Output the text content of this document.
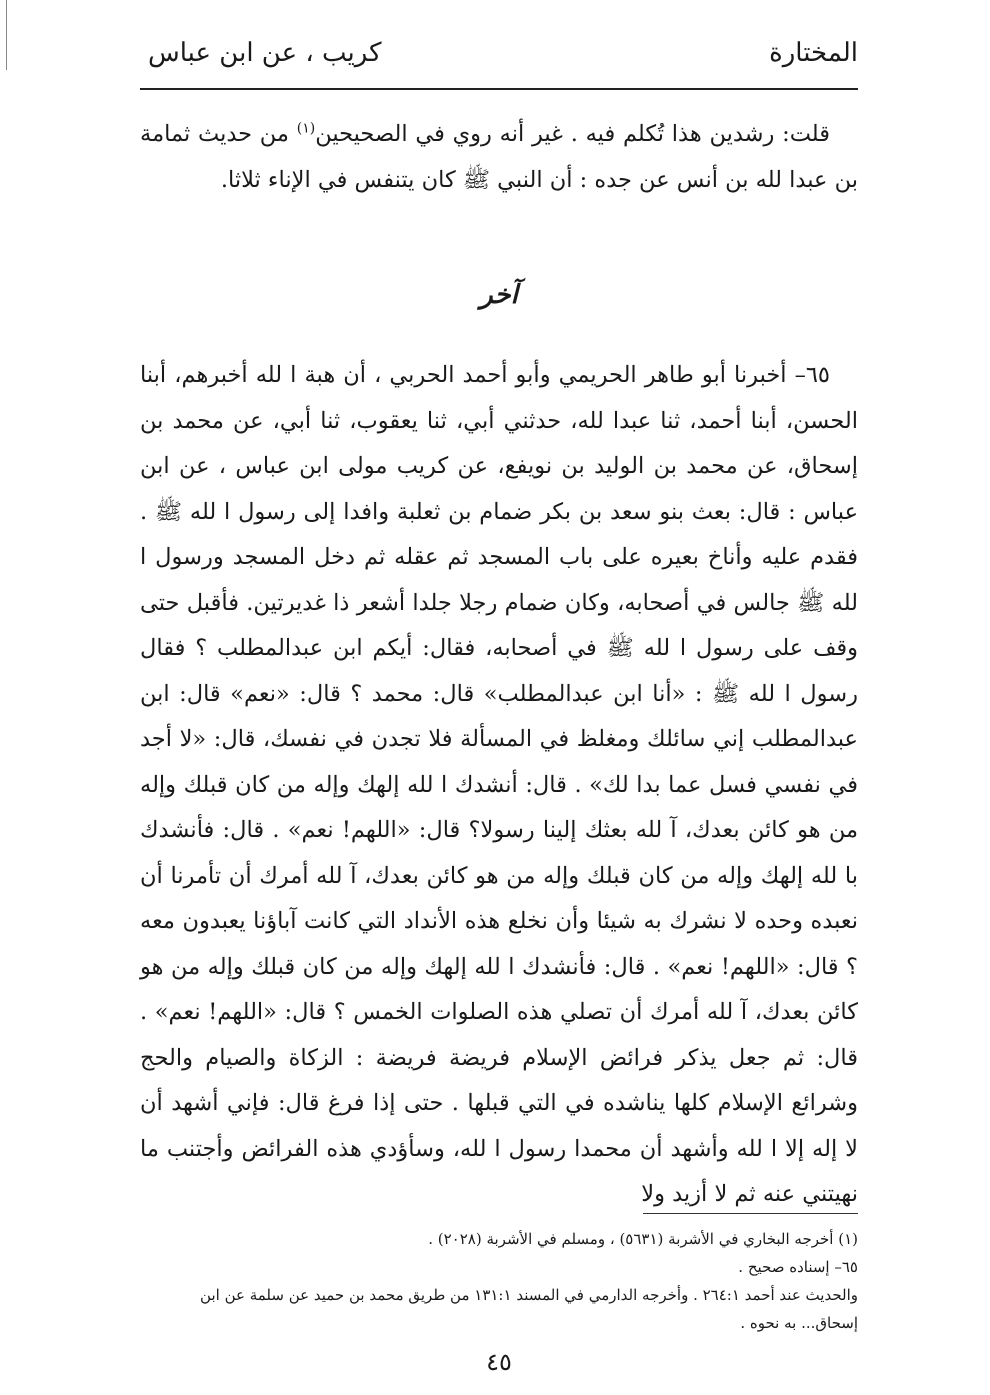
المختارة
كريب ، عن ابن عباس

قلت: رشدين هذا تُكلم فيه . غير أنه روي في الصحيحين$^{(١)}$ من حديث ثمامة بن عبدا لله بن أنس عن جده : أن النبي ﷺ كان يتنفس في الإناء ثلاثا.

آخر

٦٥– أخبرنا أبو طاهر الحريمي وأبو أحمد الحربي ، أن هبة ا لله أخبرهم، أبنا الحسن، أبنا أحمد، ثنا عبدا لله، حدثني أبي، ثنا يعقوب، ثنا أبي، عن محمد بن إسحاق، عن محمد بن الوليد بن نويفع، عن كريب مولى ابن عباس ، عن ابن عباس : قال: بعث بنو سعد بن بكر ضمام بن ثعلبة وافدا إلى رسول ا لله ﷺ . فقدم عليه وأناخ بعيره على باب المسجد ثم عقله ثم دخل المسجد ورسول ا لله ﷺ جالس في أصحابه، وكان ضمام رجلا جلدا أشعر ذا غديرتين. فأقبل حتى وقف على رسول ا لله ﷺ في أصحابه، فقال: أيكم ابن عبدالمطلب ؟ فقال رسول ا لله ﷺ : «أنا ابن عبدالمطلب» قال: محمد ؟ قال: «نعم» قال: ابن عبدالمطلب إني سائلك ومغلظ في المسألة فلا تجدن في نفسك، قال: «لا أجد في نفسي فسل عما بدا لك» . قال: أنشدك ا لله إلهك وإله من كان قبلك وإله من هو كائن بعدك، آ لله بعثك إلينا رسولا؟ قال: «اللهم! نعم» . قال: فأنشدك با لله إلهك وإله من كان قبلك وإله من هو كائن بعدك، آ لله أمرك أن تأمرنا أن نعبده وحده لا نشرك به شيئا وأن نخلع هذه الأنداد التي كانت آباؤنا يعبدون معه ؟ قال: «اللهم! نعم» . قال: فأنشدك ا لله إلهك وإله من كان قبلك وإله من هو كائن بعدك، آ لله أمرك أن تصلي هذه الصلوات الخمس ؟ قال: «اللهم! نعم» . قال: ثم جعل يذكر فرائض الإسلام فريضة فريضة : الزكاة والصيام والحج وشرائع الإسلام كلها يناشده في التي قبلها . حتى إذا فرغ قال: فإني أشهد أن لا إله إلا ا لله وأشهد أن محمدا رسول ا لله، وسأؤدي هذه الفرائض وأجتنب ما نهيتني عنه ثم لا أزيد ولا

(١) أخرجه البخاري في الأشربة (٥٦٣١) ، ومسلم في الأشربة (٢٠٢٨) .
٦٥– إسناده صحيح .
والحديث عند أحمد ٢٦٤:١ . وأخرجه الدارمي في المسند ١٣١:١ من طريق محمد بن حميد عن سلمة عن ابن إسحاق... به نحوه .
٤٥
